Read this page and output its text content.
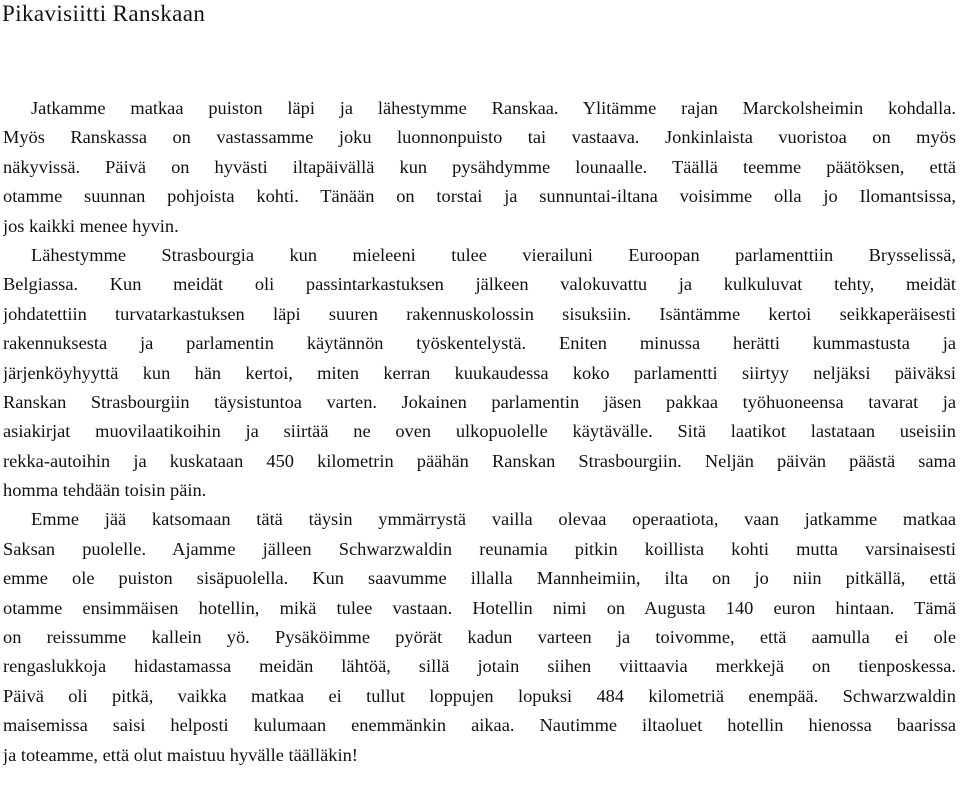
Pikavisiitti Ranskaan
Jatkamme matkaa puiston läpi ja lähestymme Ranskaa. Ylitämme rajan Marckolsheimin kohdalla.
Myös Ranskassa on vastassamme joku luonnonpuisto tai vastaava. Jonkinlaista vuoristoa on myös
näkyvissä. Päivä on hyvästi iltapäivällä kun pysähdymme lounaalle. Täällä teemme päätöksen, että
otamme suunnan pohjoista kohti. Tänään on torstai ja sunnuntai-iltana voisimme olla jo Ilomantsissa,
jos kaikki menee hyvin.
Lähestymme Strasbourgia kun mieleeni tulee vierailuni Euroopan parlamenttiin Brysselissä,
Belgiassa. Kun meidät oli passintarkastuksen jälkeen valokuvattu ja kulkuluvat tehty, meidät
johdatettiin turvatarkastuksen läpi suuren rakennuskolossin sisuksiin. Isäntämme kertoi seikkaperäisesti
rakennuksesta ja parlamentin käytännön työskentelystä. Eniten minussa herätti kummastusta ja
järjenköyhyyttä kun hän kertoi, miten kerran kuukaudessa koko parlamentti siirtyy neljäksi päiväksi
Ranskan Strasbourgiin täysistuntoa varten. Jokainen parlamentin jäsen pakkaa työhuoneensa tavarat ja
asiakirjat muovilaatikoihin ja siirtää ne oven ulkopuolelle käytävälle. Sitä laatikot lastataan useisiin
rekka-autoihin ja kuskataan 450 kilometrin päähän Ranskan Strasbourgiin. Neljän päivän päästä sama
homma tehdään toisin päin.
Emme jää katsomaan tätä täysin ymmärrystä vailla olevaa operaatiota, vaan jatkamme matkaa
Saksan puolelle. Ajamme jälleen Schwarzwaldin reunamia pitkin koillista kohti mutta varsinaisesti
emme ole puiston sisäpuolella. Kun saavumme illalla Mannheimiin, ilta on jo niin pitkällä, että
otamme ensimmäisen hotellin, mikä tulee vastaan. Hotellin nimi on Augusta 140 euron hintaan. Tämä
on reissumme kallein yö. Pysäköimme pyörät kadun varteen ja toivomme, että aamulla ei ole
rengaslukkoja hidastamassa meidän lähtöä, sillä jotain siihen viittaavia merkkejä on tienposkessa.
Päivä oli pitkä, vaikka matkaa ei tullut loppujen lopuksi 484 kilometriä enempää. Schwarzwaldin
maisemissa saisi helposti kulumaan enemmänkin aikaa. Nautimme iltaoluet hotellin hienossa baarissa
ja toteamme, että olut maistuu hyvälle täälläkin!
